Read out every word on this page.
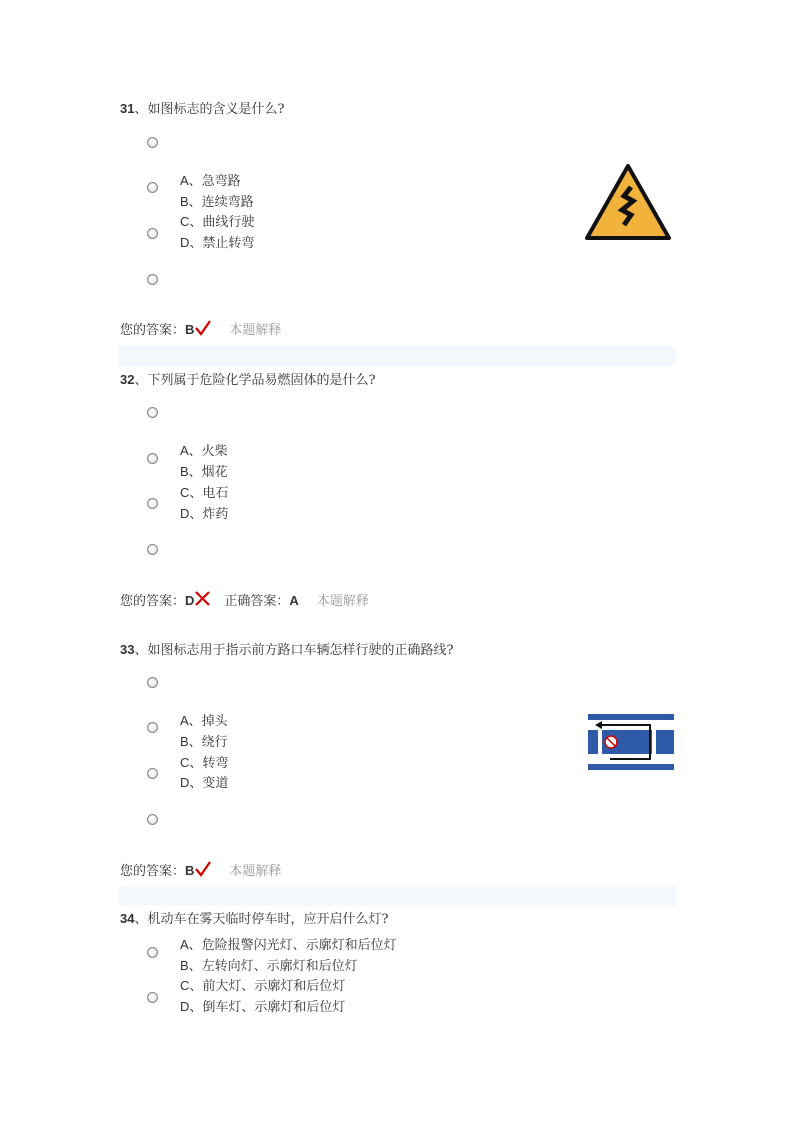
31、如图标志的含义是什么?
A、急弯路
B、连续弯路
C、曲线行驶
D、禁止转弯
您的答案：B	本题解释
32、下列属于危险化学品易燃固体的是什么?
A、火柴
B、烟花
C、电石
D、炸药
您的答案：D 正确答案：A 本题解释
33、如图标志用于指示前方路口车辆怎样行驶的正确路线?
A、掉头
B、绕行
C、转弯
D、变道
您的答案：B	本题解释
34、机动车在雾天临时停车时，应开启什么灯?
A、危险报警闪光灯、示廓灯和后位灯
B、左转向灯、示廓灯和后位灯
C、前大灯、示廓灯和后位灯
D、倒车灯、示廓灯和后位灯
